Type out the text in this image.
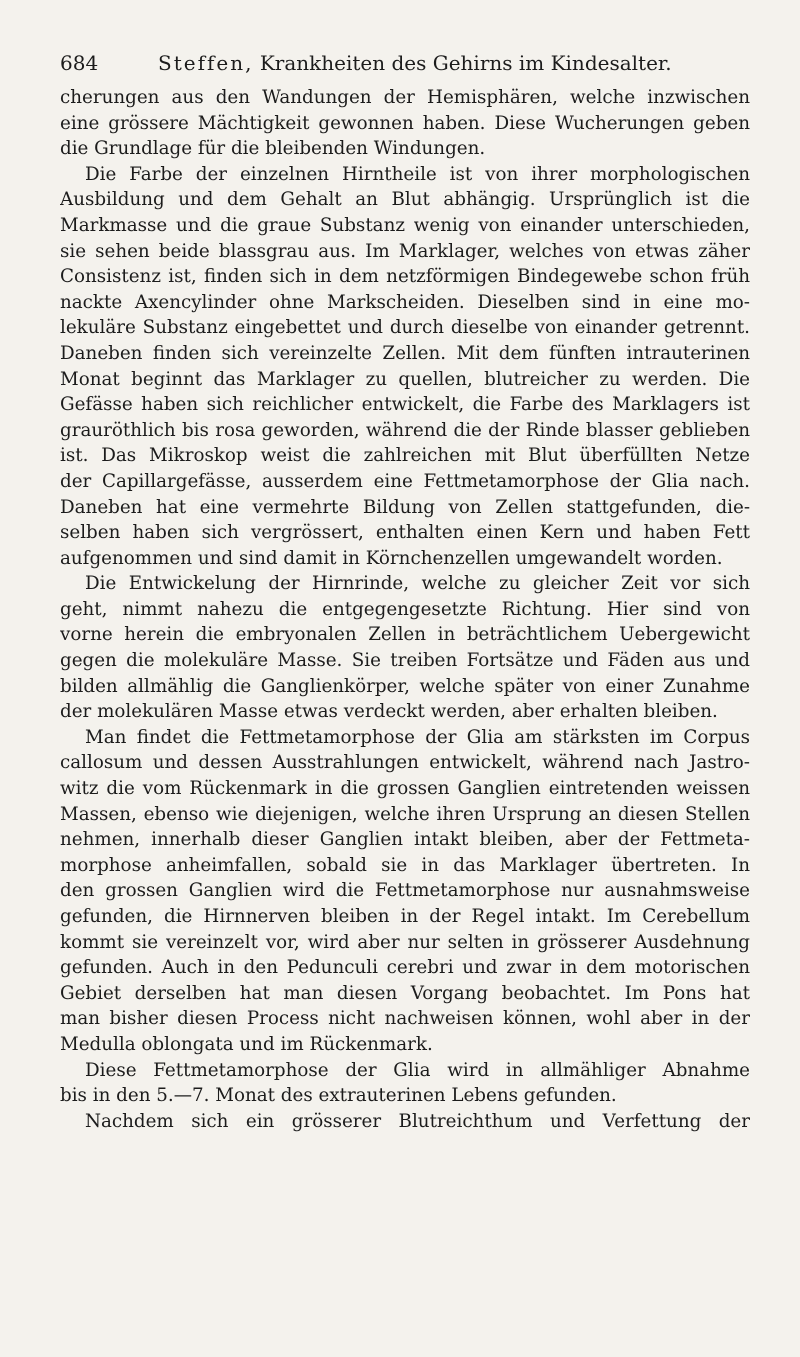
684	Steffen, Krankheiten des Gehirns im Kindesalter.
cherungen aus den Wandungen der Hemisphären, welche inzwischen
eine grössere Mächtigkeit gewonnen haben. Diese Wucherungen geben
die Grundlage für die bleibenden Windungen.
Die Farbe der einzelnen Hirntheile ist von ihrer morphologischen
Ausbildung und dem Gehalt an Blut abhängig. Ursprünglich ist die
Markmasse und die graue Substanz wenig von einander unterschieden,
sie sehen beide blassgrau aus. Im Marklager, welches von etwas zäher
Consistenz ist, finden sich in dem netzförmigen Bindegewebe schon früh
nackte Axencylinder ohne Markscheiden. Dieselben sind in eine mo-
lekuläre Substanz eingebettet und durch dieselbe von einander getrennt.
Daneben finden sich vereinzelte Zellen. Mit dem fünften intrauterinen
Monat beginnt das Marklager zu quellen, blutreicher zu werden. Die
Gefässe haben sich reichlicher entwickelt, die Farbe des Marklagers ist
grauröthlich bis rosa geworden, während die der Rinde blasser geblieben
ist. Das Mikroskop weist die zahlreichen mit Blut überfüllten Netze
der Capillargefässe, ausserdem eine Fettmetamorphose der Glia nach.
Daneben hat eine vermehrte Bildung von Zellen stattgefunden, die-
selben haben sich vergrössert, enthalten einen Kern und haben Fett
aufgenommen und sind damit in Körnchenzellen umgewandelt worden.
Die Entwickelung der Hirnrinde, welche zu gleicher Zeit vor sich
geht, nimmt nahezu die entgegengesetzte Richtung. Hier sind von
vorne herein die embryonalen Zellen in beträchtlichem Uebergewicht
gegen die molekuläre Masse. Sie treiben Fortsätze und Fäden aus und
bilden allmählig die Ganglienkörper, welche später von einer Zunahme
der molekulären Masse etwas verdeckt werden, aber erhalten bleiben.
Man findet die Fettmetamorphose der Glia am stärksten im Corpus
callosum und dessen Ausstrahlungen entwickelt, während nach Jastro-
witz die vom Rückenmark in die grossen Ganglien eintretenden weissen
Massen, ebenso wie diejenigen, welche ihren Ursprung an diesen Stellen
nehmen, innerhalb dieser Ganglien intakt bleiben, aber der Fettmeta-
morphose anheimfallen, sobald sie in das Marklager übertreten. In
den grossen Ganglien wird die Fettmetamorphose nur ausnahmsweise
gefunden, die Hirnnerven bleiben in der Regel intakt. Im Cerebellum
kommt sie vereinzelt vor, wird aber nur selten in grösserer Ausdehnung
gefunden. Auch in den Pedunculi cerebri und zwar in dem motorischen
Gebiet derselben hat man diesen Vorgang beobachtet. Im Pons hat
man bisher diesen Process nicht nachweisen können, wohl aber in der
Medulla oblongata und im Rückenmark.
Diese Fettmetamorphose der Glia wird in allmähliger Abnahme
bis in den 5.—7. Monat des extrauterinen Lebens gefunden.
Nachdem sich ein grösserer Blutreichthum und Verfettung der
